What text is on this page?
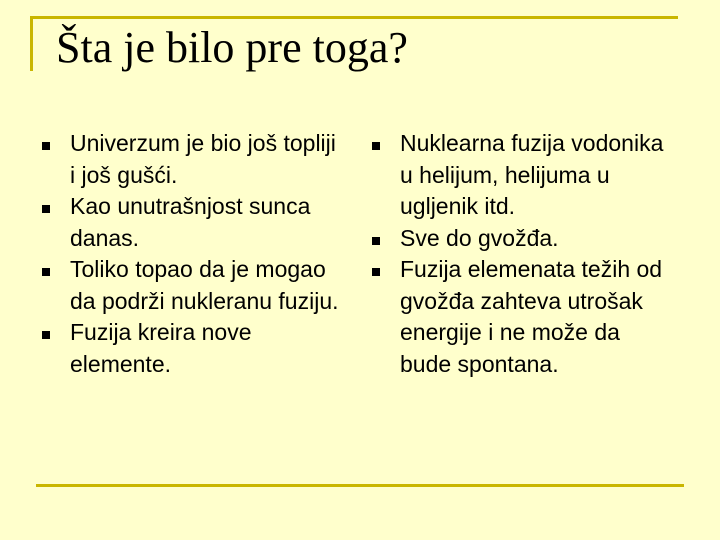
Šta je bilo pre toga?
Univerzum je bio još topliji i još gušći.
Kao unutrašnjost sunca danas.
Toliko topao da je mogao da podrži nukleranu fuziju.
Fuzija kreira nove elemente.
Nuklearna fuzija vodonika u helijum, helijuma u ugljenik itd.
Sve do gvožđa.
Fuzija elemenata težih od gvožđa zahteva utrošak energije i ne može da bude spontana.
